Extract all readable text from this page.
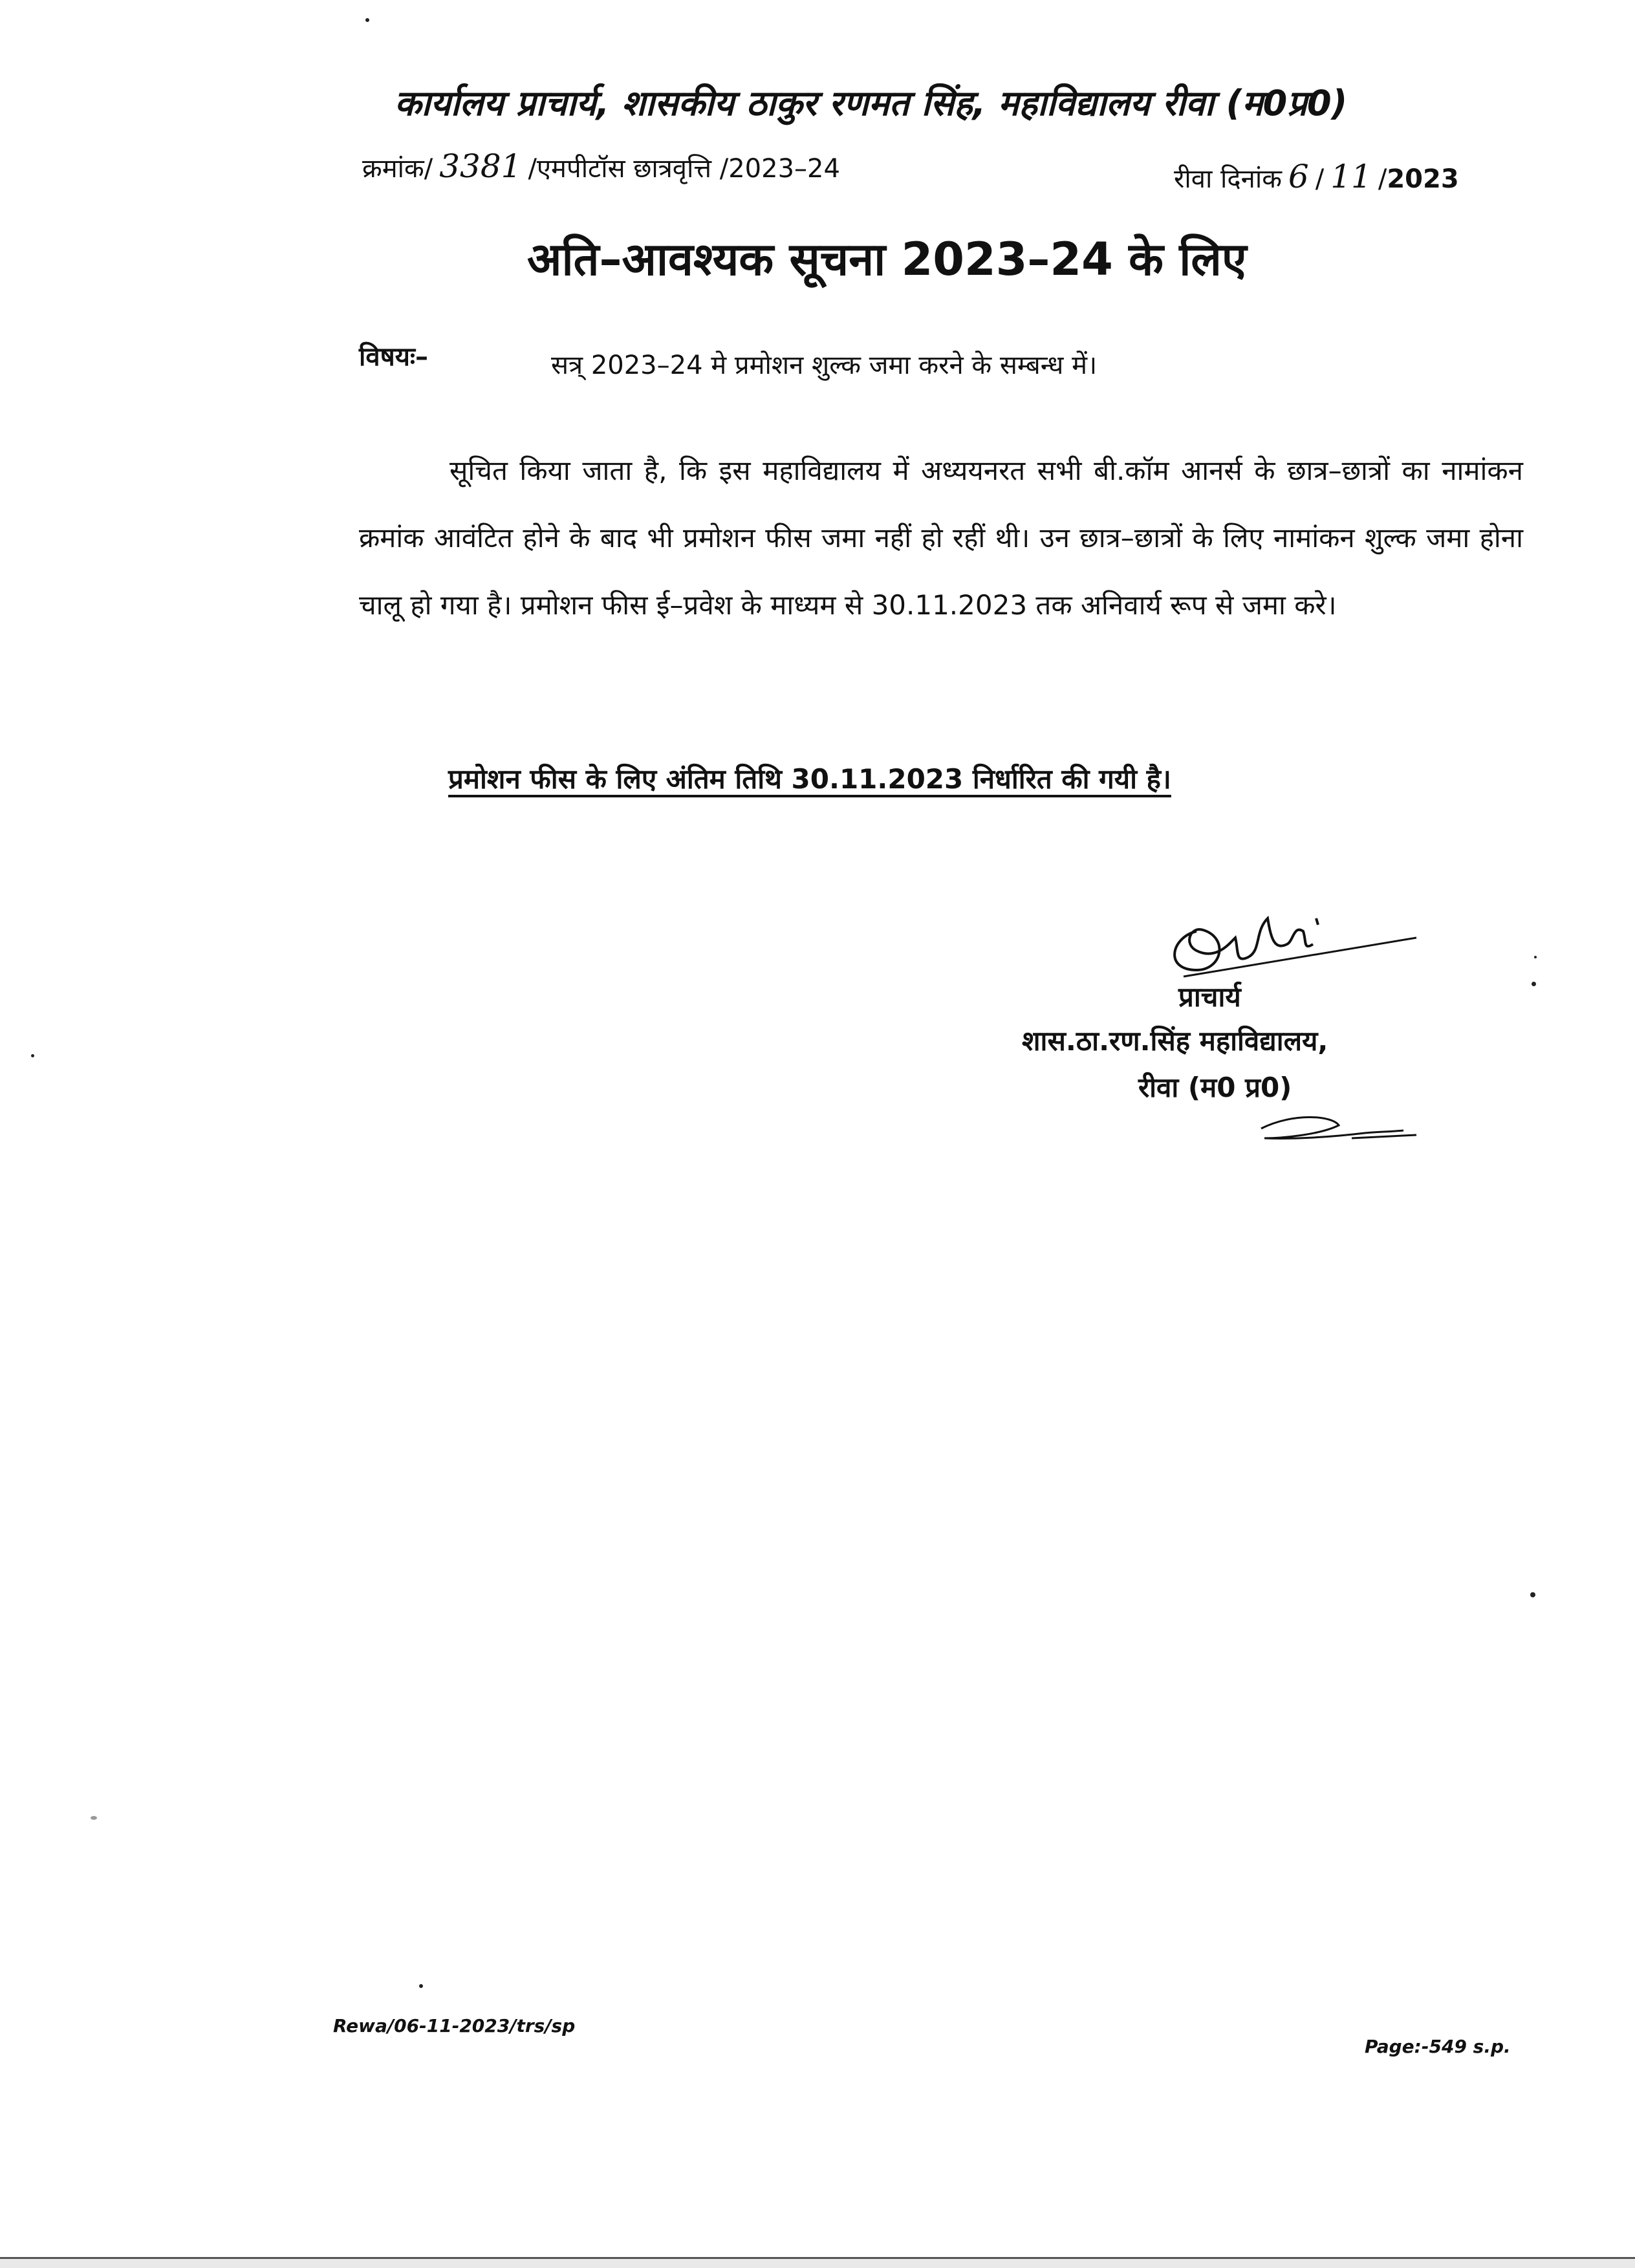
कार्यालय प्राचार्य, शासकीय ठाकुर रणमत सिंह, महाविद्यालय रीवा (म0प्र0)
क्रमांक/ 3381 /एमपीटॉस छात्रवृत्ति /2023–24	रीवा दिनांक 6 / 11 /2023
अति–आवश्यक सूचना 2023–24 के लिए
विषयः–	सत्र् 2023–24 मे प्रमोशन शुल्क जमा करने के सम्बन्ध में।
सूचित किया जाता है, कि इस महाविद्यालय में अध्ययनरत सभी बी.कॉम आनर्स के छात्र–छात्रों का नामांकन क्रमांक आवंटित होने के बाद भी प्रमोशन फीस जमा नहीं हो रहीं थी। उन छात्र–छात्रों के लिए नामांकन शुल्क जमा होना चालू हो गया है। प्रमोशन फीस ई–प्रवेश के माध्यम से 30.11.2023 तक अनिवार्य रूप से जमा करे।
प्रमोशन फीस के लिए अंतिम तिथि 30.11.2023 निर्धारित की गयी है।
प्राचार्य
शास.ठा.रण.सिंह महाविद्यालय,
रीवा (म0 प्र0)
Rewa/06-11-2023/trs/sp
Page:-549 s.p.
